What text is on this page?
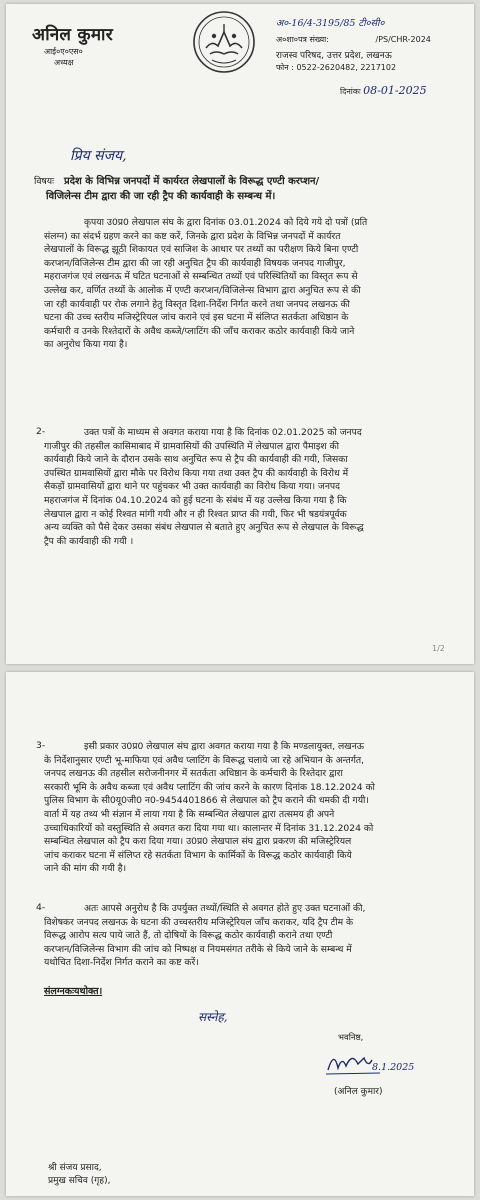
अनिल कुमार
आई०ए०एस०
अध्यक्ष
अ०-16/4-3195/85 टी०सी०
अ०शा०पत्र संख्या:	/PS/CHR-2024
राजस्व परिषद, उत्तर प्रदेश, लखनऊ
फोन : 0522-2620482, 2217102
दिनांकः 08-01-2025
प्रिय संजय,
विषयः प्रदेश के विभिन्न जनपदों में कार्यरत लेखपालों के विरूद्ध एण्टी करप्शन/
विजिलेन्स टीम द्वारा की जा रही ट्रैप की कार्यवाही के सम्बन्ध में।
कृपया उ0प्र0 लेखपाल संघ के द्वारा दिनांक 03.01.2024 को दिये गये दो पत्रों (प्रति
संलग्न) का संदर्भ ग्रहण करने का कष्ट करें, जिनके द्वारा प्रदेश के विभिन्न जनपदों में कार्यरत
लेखपालों के विरूद्ध झूठी शिकायत एवं साजिश के आधार पर तथ्यों का परीक्षण किये बिना एण्टी
करप्शन/विजिलेन्स टीम द्वारा की जा रही अनुचित ट्रैप की कार्यवाही विषयक जनपद गाजीपुर,
महराजगंज एवं लखनऊ में घटित घटनाओं से सम्बन्धित तथ्यों एवं परिस्थितियों का विस्तृत रूप से
उल्लेख कर, वर्णित तथ्यों के आलोक में एण्टी करप्शन/विजिलेन्स विभाग द्वारा अनुचित रूप से की
जा रही कार्यवाही पर रोक लगाने हेतु विस्तृत दिशा-निर्देश निर्गत करने तथा जनपद लखनऊ की
घटना की उच्च स्तरीय मजिस्ट्रेरियल जांच कराने एवं इस घटना में संलिप्त सतर्कता अधिष्ठान के
कर्मचारी व उनके रिश्तेदारों के अवैध कब्जे/प्लाटिंग की जाँच कराकर कठोर कार्यवाही किये जाने
का अनुरोध किया गया है।
2-	उक्त पत्रों के माध्यम से अवगत कराया गया है कि दिनांक 02.01.2025 को जनपद
गाजीपुर की तहसील कासिमाबाद में ग्रामवासियों की उपस्थिति में लेखपाल द्वारा पैमाइश की
कार्यवाही किये जाने के दौरान उसके साथ अनुचित रूप से ट्रैप की कार्यवाही की गयी, जिसका
उपस्थित ग्रामवासियों द्वारा मौके पर विरोध किया गया तथा उक्त ट्रैप की कार्यवाही के विरोध में
सैकड़ों ग्रामवासियों द्वारा थाने पर पहुंचकर भी उक्त कार्यवाही का विरोध किया गया। जनपद
महराजगंज में दिनांक 04.10.2024 को हुई घटना के संबंध में यह उल्लेख किया गया है कि
लेखपाल द्वारा न कोई रिश्वत मांगी गयी और न ही रिश्वत प्राप्त की गयी, फिर भी षडयंत्रपूर्वक
अन्य व्यक्ति को पैसे देकर उसका संबंध लेखपाल से बताते हुए अनुचित रूप से लेखपाल के विरूद्ध
ट्रैप की कार्यवाही की गयी ।
1/2
3-	इसी प्रकार उ0प्र0 लेखपाल संघ द्वारा अवगत कराया गया है कि मण्डलायुक्त, लखनऊ
के निर्देशानुसार एण्टी भू-माफिया एवं अवैध प्लाटिंग के विरूद्ध चलाये जा रहे अभियान के अन्तर्गत,
जनपद लखनऊ की तहसील सरोजनीनगर में सतर्कता अधिष्ठान के कर्मचारी के रिश्तेदार द्वारा
सरकारी भूमि के अवैध कब्जा एवं अवैध प्लाटिंग की जांच करने के कारण दिनांक 18.12.2024 को
पुलिस विभाग के सी0यू0जी0 न0-9454401866 से लेखपाल को ट्रैप कराने की धमकी दी गयी।
वार्ता में यह तथ्य भी संज्ञान में लाया गया है कि सम्बन्धित लेखपाल द्वारा तत्समय ही अपने
उच्चाधिकारियों को वस्तुस्थिति से अवगत करा दिया गया था। कालान्तर में दिनांक 31.12.2024 को
सम्बन्धित लेखपाल को ट्रैप करा दिया गया। उ0प्र0 लेखपाल संघ द्वारा प्रकरण की मजिस्ट्रेरियल
जांच कराकर घटना में संलिप्त रहे सतर्कता विभाग के कार्मिकों के विरूद्ध कठोर कार्यवाही किये
जाने की मांग की गयी है।
4-	अतः आपसे अनुरोध है कि उपर्युक्त तथ्यों/स्थिति से अवगत होते हुए उक्त घटनाओं की,
विशेषकर जनपद लखनऊ के घटना की उच्चस्तरीय मजिस्ट्रेरियल जाँच कराकर, यदि ट्रैप टीम के
विरूद्ध आरोप सत्य पाये जाते हैं, तो दोषियों के विरूद्ध कठोर कार्यवाही कराने तथा एण्टी
करप्शन/विजिलेन्स विभाग की जांच को निष्पक्ष व नियमसंगत तरीके से किये जाने के सम्बन्ध में
यथोचित दिशा-निर्देश निर्गत कराने का कष्ट करें।
संलग्नकःयथोक्त।
सस्नेह,
भवनिष्ठ,
8.1.2025
(अनिल कुमार)
श्री संजय प्रसाद,
प्रमुख सचिव (गृह),
